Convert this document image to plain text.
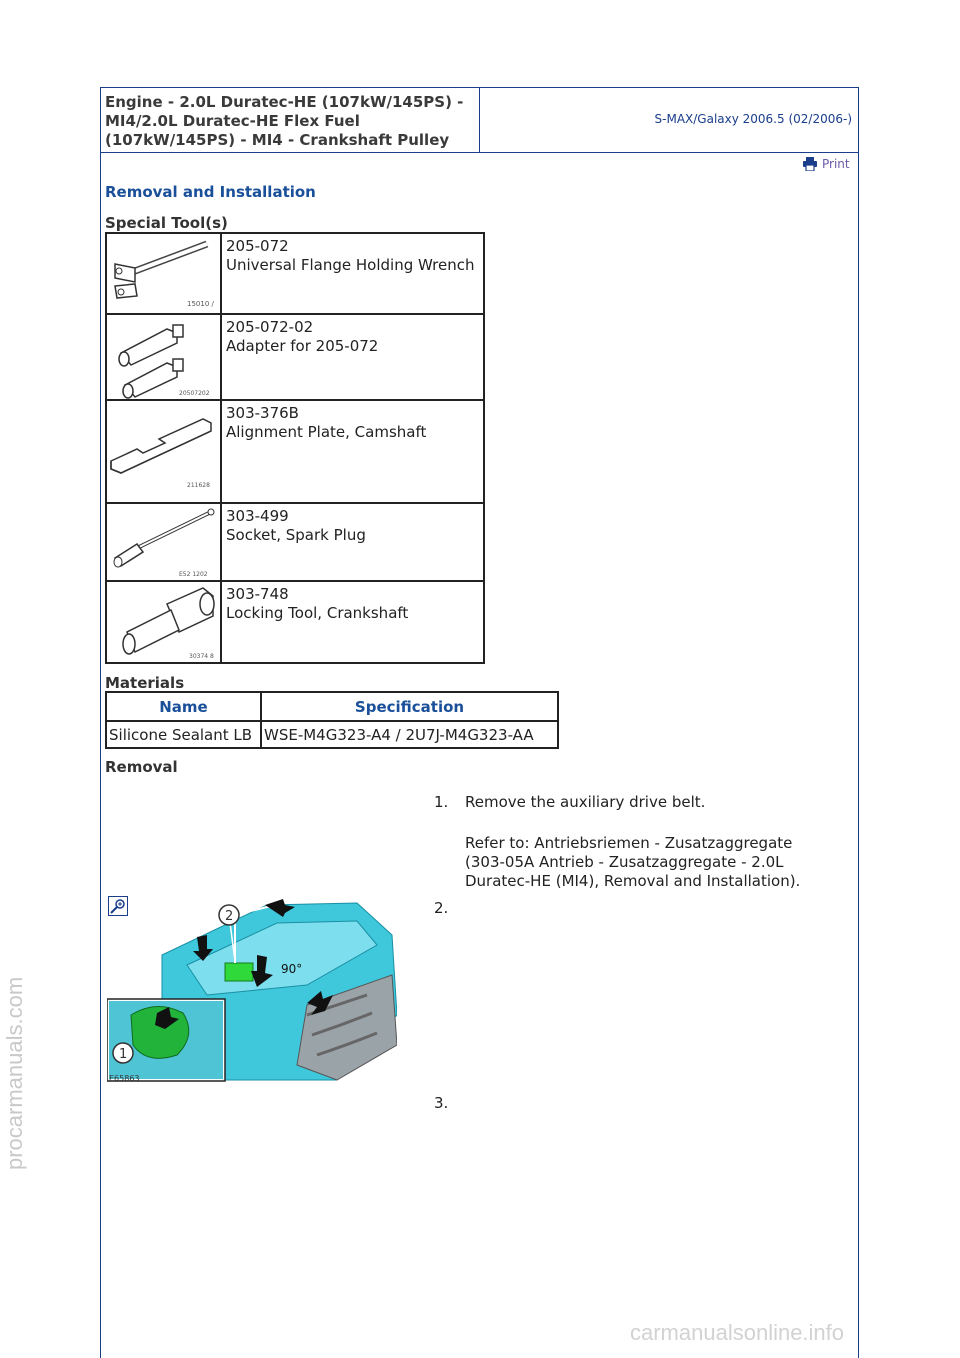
procarmanuals.com
carmanualsonline.info
Engine - 2.0L Duratec-HE (107kW/145PS) - MI4/2.0L Duratec-HE Flex Fuel (107kW/145PS) - MI4 - Crankshaft Pulley
S-MAX/Galaxy 2006.5 (02/2006-)
Print
Removal and Installation
Special Tool(s)
15010 /	205-072
Universal Flange Holding Wrench

20507202	205-072-02
Adapter for 205-072

211628	303-376B
Alignment Plate, Camshaft

E52 1202	303-499
Socket, Spark Plug

30374 8	303-748
Locking Tool, Crankshaft
Materials
Name	Specification
Silicone Sealant LB	WSE-M4G323-A4 / 2U7J-M4G323-AA
Removal
1. Remove the auxiliary drive belt.
Refer to: Antriebsriemen - Zusatzaggregate (303-05A Antrieb - Zusatzaggregate - 2.0L Duratec-HE (MI4), Removal and Installation).
2.
2
90°
1
E65863
3.
